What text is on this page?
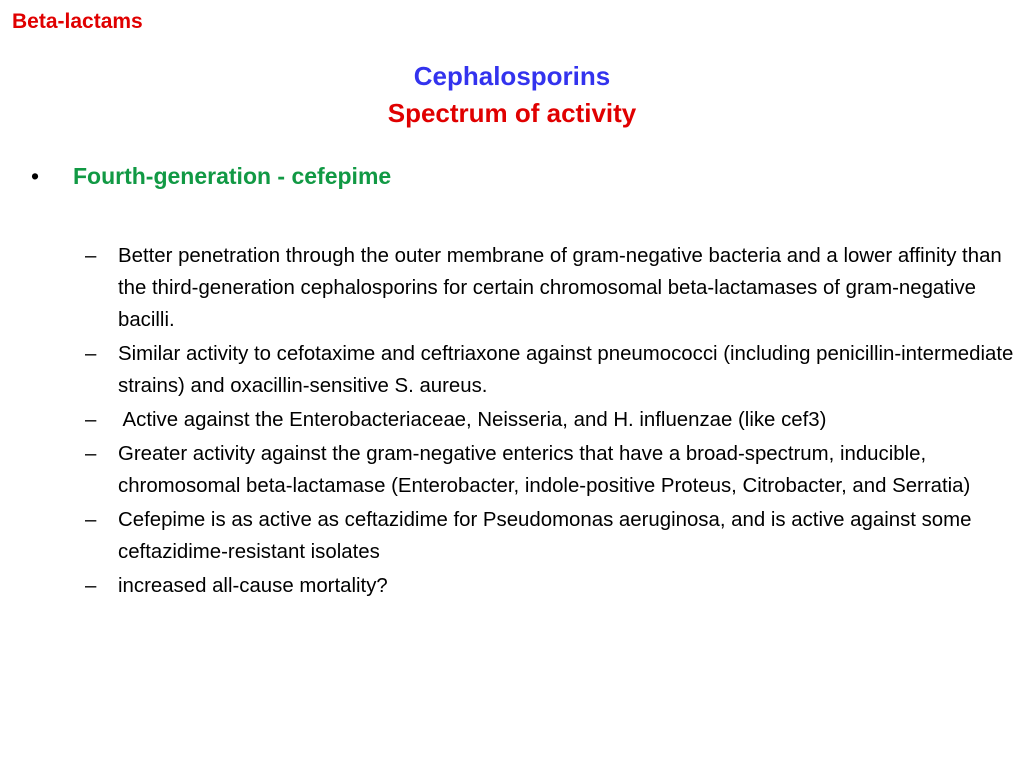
Beta-lactams
Cephalosporins
Spectrum of activity
•	Fourth-generation - cefepime
– Better penetration through the outer membrane of gram-negative bacteria and a lower affinity than the third-generation cephalosporins for certain chromosomal beta-lactamases of gram-negative bacilli.
– Similar activity to cefotaxime and ceftriaxone against pneumococci (including penicillin-intermediate strains) and oxacillin-sensitive S. aureus.
– Active against the Enterobacteriaceae, Neisseria, and H. influenzae (like cef3)
– Greater activity against the gram-negative enterics that have a broad-spectrum, inducible, chromosomal beta-lactamase (Enterobacter, indole-positive Proteus, Citrobacter, and Serratia)
– Cefepime is as active as ceftazidime for Pseudomonas aeruginosa, and is active against some ceftazidime-resistant isolates
– increased all-cause mortality?
